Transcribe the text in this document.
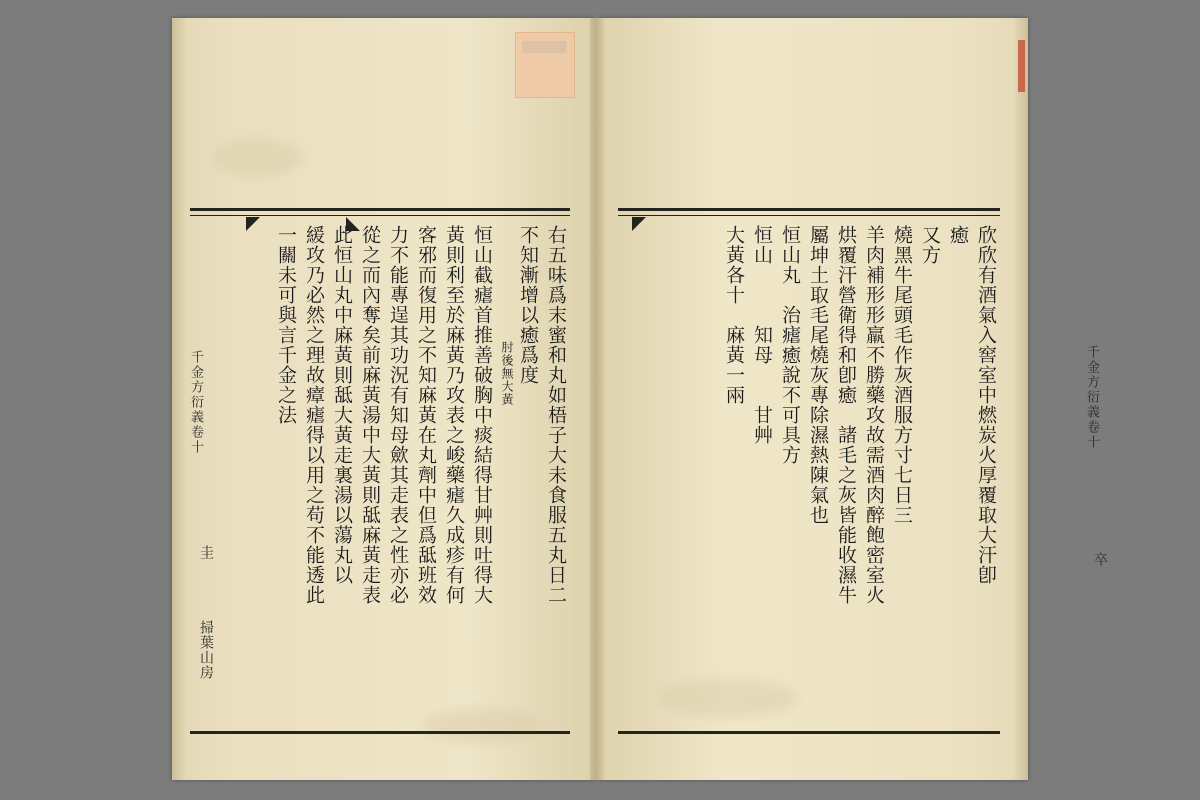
右五味爲末蜜和丸如梧子大未食服五丸日二
不知漸增以癒爲度
肘後無大黃
恒山截瘧首推善破胸中痰結得甘艸則吐得大
黃則利至於麻黃乃攻表之峻藥瘧久成疹有何
客邪而復用之不知麻黃在丸劑中但爲䑛班效
力不能專逞其功況有知母歛其走表之性亦必
從之而內奪矣前麻黃湯中大黃則䑛麻黃走表
此恒山丸中麻黃則䑛大黃走裏湯以蕩丸以
緩攻乃必然之理故瘴瘧得以用之苟不能透此
一關未可與言千金之法	欣欣有酒氣入窖室中燃炭火厚覆取大汗卽
癒
又方
燒黑牛尾頭毛作灰酒服方寸七日三
羊肉補形形羸不勝藥攻故需酒肉醉飽密室火
烘覆汗營衛得和卽癒　諸毛之灰皆能收濕牛
屬坤土取毛尾燒灰專除濕熱陳氣也
恒山丸　治瘧癒說不可具方
恒山　　　知母　　甘艸
大黃各十　麻黃一兩
千金方衍義卷十
圭
掃葉山房
千金方衍義卷十
卒
